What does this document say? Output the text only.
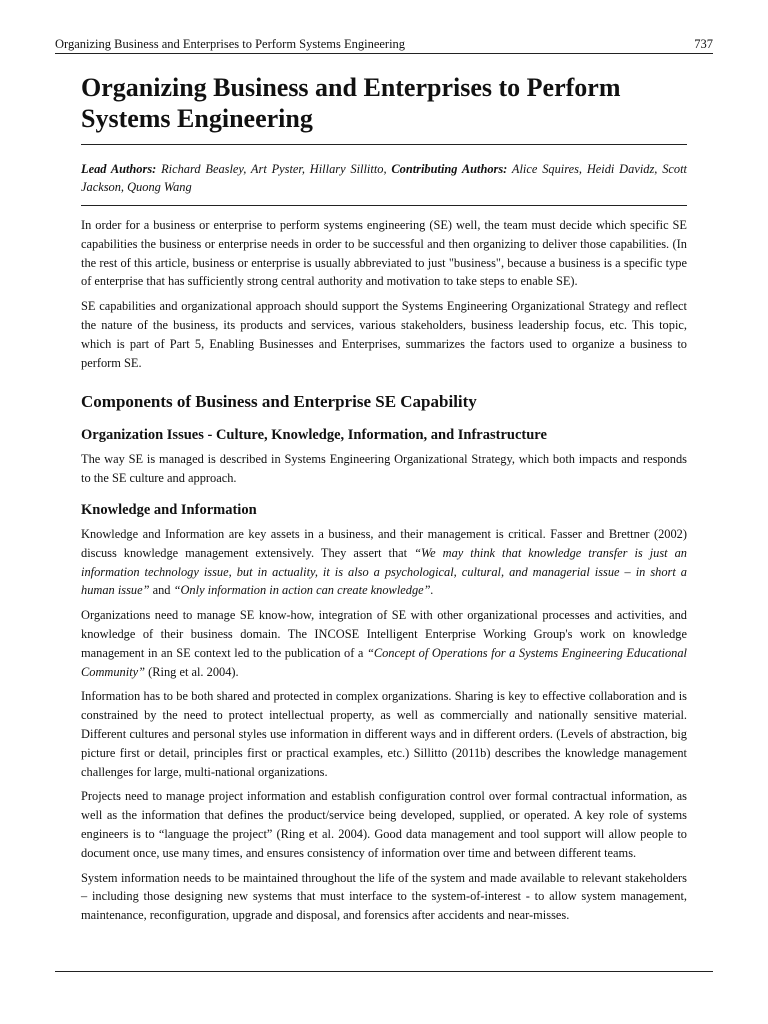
Organizing Business and Enterprises to Perform Systems Engineering	737
Organizing Business and Enterprises to Perform Systems Engineering

Lead Authors: Richard Beasley, Art Pyster, Hillary Sillitto, Contributing Authors: Alice Squires, Heidi Davidz, Scott Jackson, Quong Wang

In order for a business or enterprise to perform systems engineering (SE) well, the team must decide which specific SE capabilities the business or enterprise needs in order to be successful and then organizing to deliver those capabilities. (In the rest of this article, business or enterprise is usually abbreviated to just "business", because a business is a specific type of enterprise that has sufficiently strong central authority and motivation to take steps to enable SE).

SE capabilities and organizational approach should support the Systems Engineering Organizational Strategy and reflect the nature of the business, its products and services, various stakeholders, business leadership focus, etc. This topic, which is part of Part 5, Enabling Businesses and Enterprises, summarizes the factors used to organize a business to perform SE.

Components of Business and Enterprise SE Capability
Organization Issues - Culture, Knowledge, Information, and Infrastructure

The way SE is managed is described in Systems Engineering Organizational Strategy, which both impacts and responds to the SE culture and approach.

Knowledge and Information

Knowledge and Information are key assets in a business, and their management is critical. Fasser and Brettner (2002) discuss knowledge management extensively. They assert that “We may think that knowledge transfer is just an information technology issue, but in actuality, it is also a psychological, cultural, and managerial issue – in short a human issue” and “Only information in action can create knowledge”.

Organizations need to manage SE know-how, integration of SE with other organizational processes and activities, and knowledge of their business domain. The INCOSE Intelligent Enterprise Working Group's work on knowledge management in an SE context led to the publication of a “Concept of Operations for a Systems Engineering Educational Community” (Ring et al. 2004).

Information has to be both shared and protected in complex organizations. Sharing is key to effective collaboration and is constrained by the need to protect intellectual property, as well as commercially and nationally sensitive material. Different cultures and personal styles use information in different ways and in different orders. (Levels of abstraction, big picture first or detail, principles first or practical examples, etc.) Sillitto (2011b) describes the knowledge management challenges for large, multi-national organizations.

Projects need to manage project information and establish configuration control over formal contractual information, as well as the information that defines the product/service being developed, supplied, or operated. A key role of systems engineers is to “language the project” (Ring et al. 2004). Good data management and tool support will allow people to document once, use many times, and ensures consistency of information over time and between different teams.

System information needs to be maintained throughout the life of the system and made available to relevant stakeholders – including those designing new systems that must interface to the system-of-interest - to allow system management, maintenance, reconfiguration, upgrade and disposal, and forensics after accidents and near-misses.
